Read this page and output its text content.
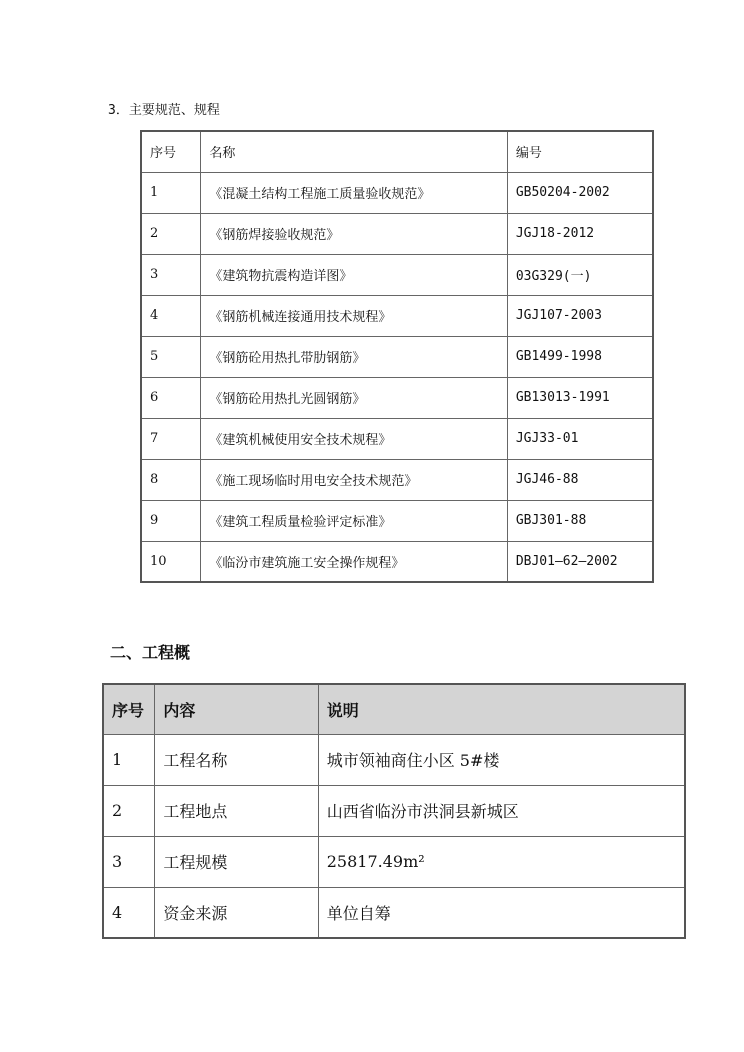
3．主要规范、规程
序号	名称	编号
1	《混凝土结构工程施工质量验收规范》	GB50204-2002
2	《钢筋焊接验收规范》	JGJ18-2012
3	《建筑物抗震构造详图》	03G329(一)
4	《钢筋机械连接通用技术规程》	JGJ107-2003
5	《钢筋砼用热扎带肋钢筋》	GB1499-1998
6	《钢筋砼用热扎光圆钢筋》	GB13013-1991
7	《建筑机械使用安全技术规程》	JGJ33-01
8	《施工现场临时用电安全技术规范》	JGJ46-88
9	《建筑工程质量检验评定标准》	GBJ301-88
10	《临汾市建筑施工安全操作规程》	DBJ01—62—2002
二、工程概
序号	内容	说明
1	工程名称	城市领袖商住小区 5#楼
2	工程地点	山西省临汾市洪洞县新城区
3	工程规模	25817.49m²
4	资金来源	单位自筹
